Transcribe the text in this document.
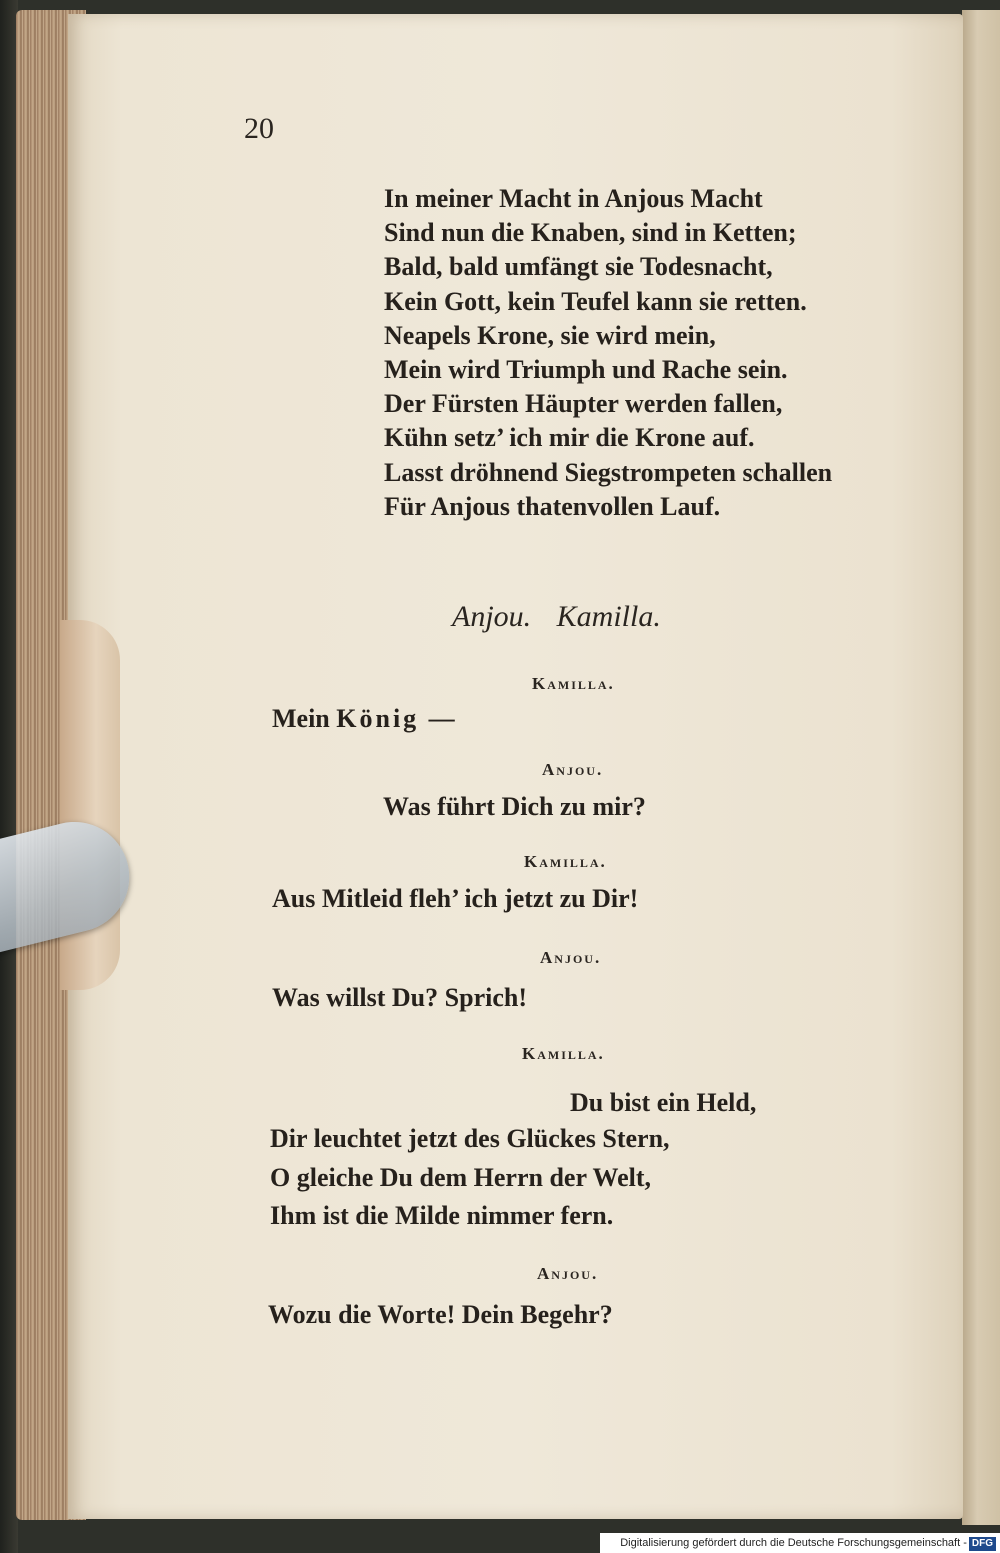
20
In meiner Macht in Anjous Macht
Sind nun die Knaben, sind in Ketten;
Bald, bald umfängt sie Todesnacht,
Kein Gott, kein Teufel kann sie retten.
Neapels Krone, sie wird mein,
Mein wird Triumph und Rache sein.
Der Fürsten Häupter werden fallen,
Kühn setz’ ich mir die Krone auf.
Lasst dröhnend Siegstrompeten schallen
Für Anjous thatenvollen Lauf.
Anjou. Kamilla.
Kamilla.
Mein König —
Anjou.
Was führt Dich zu mir?
Kamilla.
Aus Mitleid fleh’ ich jetzt zu Dir!
Anjou.
Was willst Du? Sprich!
Kamilla.
Du bist ein Held,
Dir leuchtet jetzt des Glückes Stern,
O gleiche Du dem Herrn der Welt,
Ihm ist die Milde nimmer fern.
Anjou.
Wozu die Worte! Dein Begehr?
Digitalisierung gefördert durch die Deutsche Forschungsgemeinschaft - DFG
